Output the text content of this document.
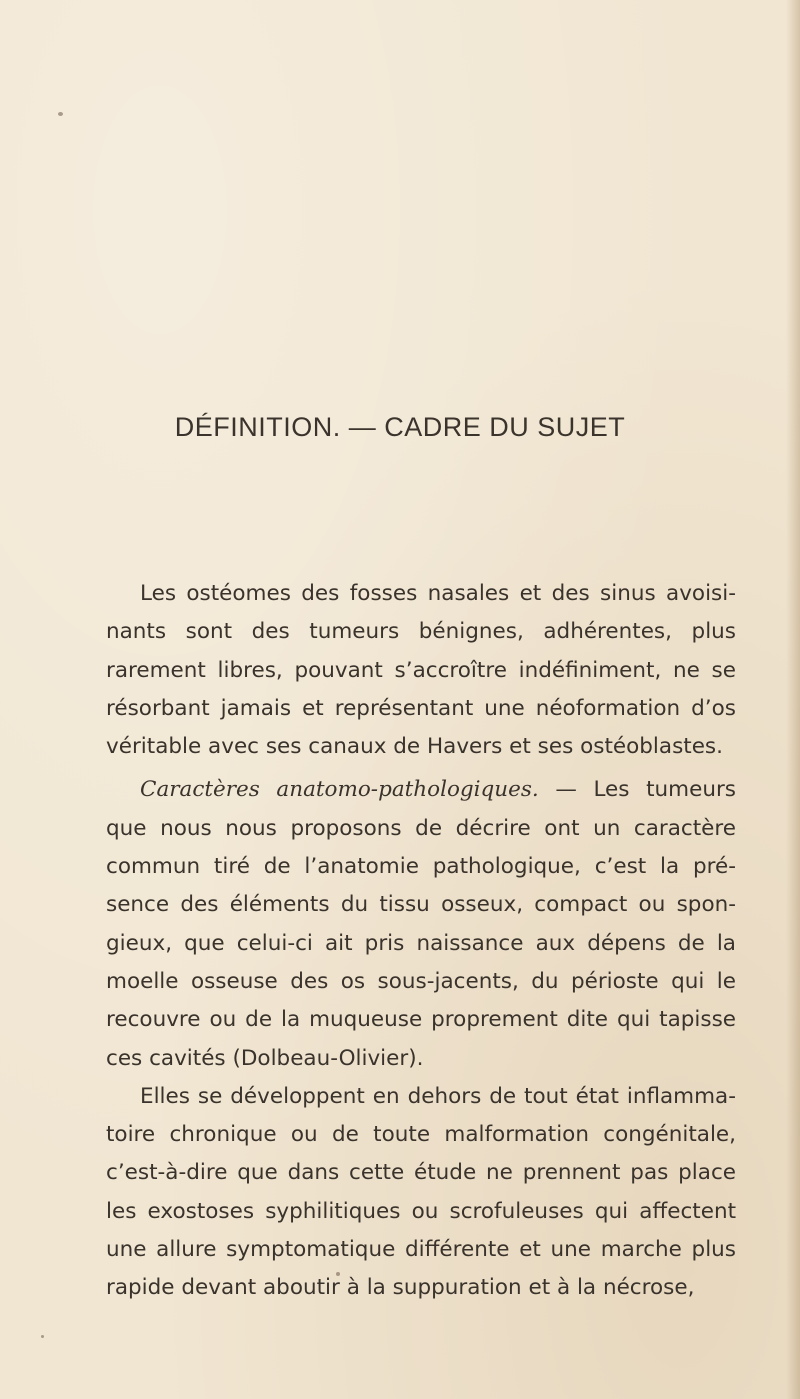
DÉFINITION. — CADRE DU SUJET

Les ostéomes des fosses nasales et des sinus avoisinants sont des tumeurs bénignes, adhérentes, plus rarement libres, pouvant s’accroître indéfiniment, ne se résorbant jamais et représentant une néoformation d’os véritable avec ses canaux de Havers et ses ostéoblastes.

Caractères anatomo-pathologiques. — Les tumeurs que nous nous proposons de décrire ont un caractère commun tiré de l’anatomie pathologique, c’est la présence des éléments du tissu osseux, compact ou spongieux, que celui-ci ait pris naissance aux dépens de la moelle osseuse des os sous-jacents, du périoste qui le recouvre ou de la muqueuse proprement dite qui tapisse ces cavités (Dolbeau-Olivier).

Elles se développent en dehors de tout état inflammatoire chronique ou de toute malformation congénitale, c’est-à-dire que dans cette étude ne prennent pas place les exostoses syphilitiques ou scrofuleuses qui affectent une allure symptomatique différente et une marche plus rapide devant aboutir à la suppuration et à la nécrose,
